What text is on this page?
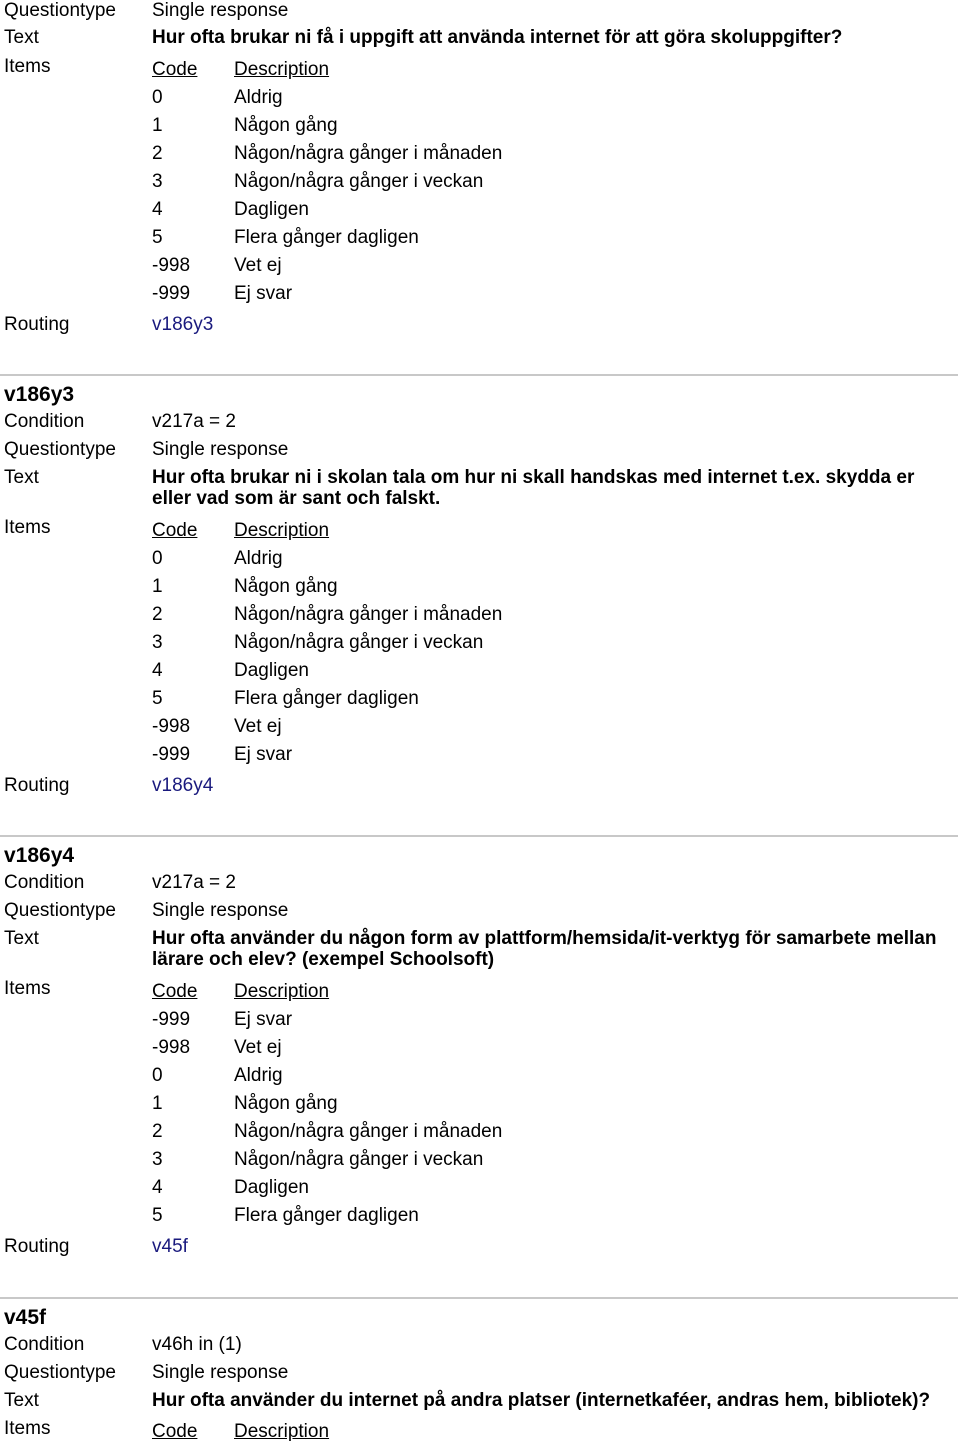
Questiontype Single response
Text	Hur ofta brukar ni få i uppgift att använda internet för att göra skoluppgifter?
Items	Code Description
0	Aldrig
1	Någon gång
2	Någon/några gånger i månaden
3	Någon/några gånger i veckan
4	Dagligen
5	Flera gånger dagligen
-998 Vet ej
-999 Ej svar
Routing	v186y3
v186y3
Condition	v217a = 2
Questiontype Single response
Text	Hur ofta brukar ni i skolan tala om hur ni skall handskas med internet t.ex. skydda er eller vad som är sant och falskt.
Items	Code Description
0	Aldrig
1	Någon gång
2	Någon/några gånger i månaden
3	Någon/några gånger i veckan
4	Dagligen
5	Flera gånger dagligen
-998 Vet ej
-999 Ej svar
Routing	v186y4
v186y4
Condition	v217a = 2
Questiontype Single response
Text	Hur ofta använder du någon form av plattform/hemsida/it-verktyg för samarbete mellan lärare och elev? (exempel Schoolsoft)
Items	Code Description
-999 Ej svar
-998 Vet ej
0	Aldrig
1	Någon gång
2	Någon/några gånger i månaden
3	Någon/några gånger i veckan
4	Dagligen
5	Flera gånger dagligen
Routing	v45f
v45f
Condition	v46h in (1)
Questiontype Single response
Text	Hur ofta använder du internet på andra platser (internetkaféer, andras hem, bibliotek)?
Items	Code Description
